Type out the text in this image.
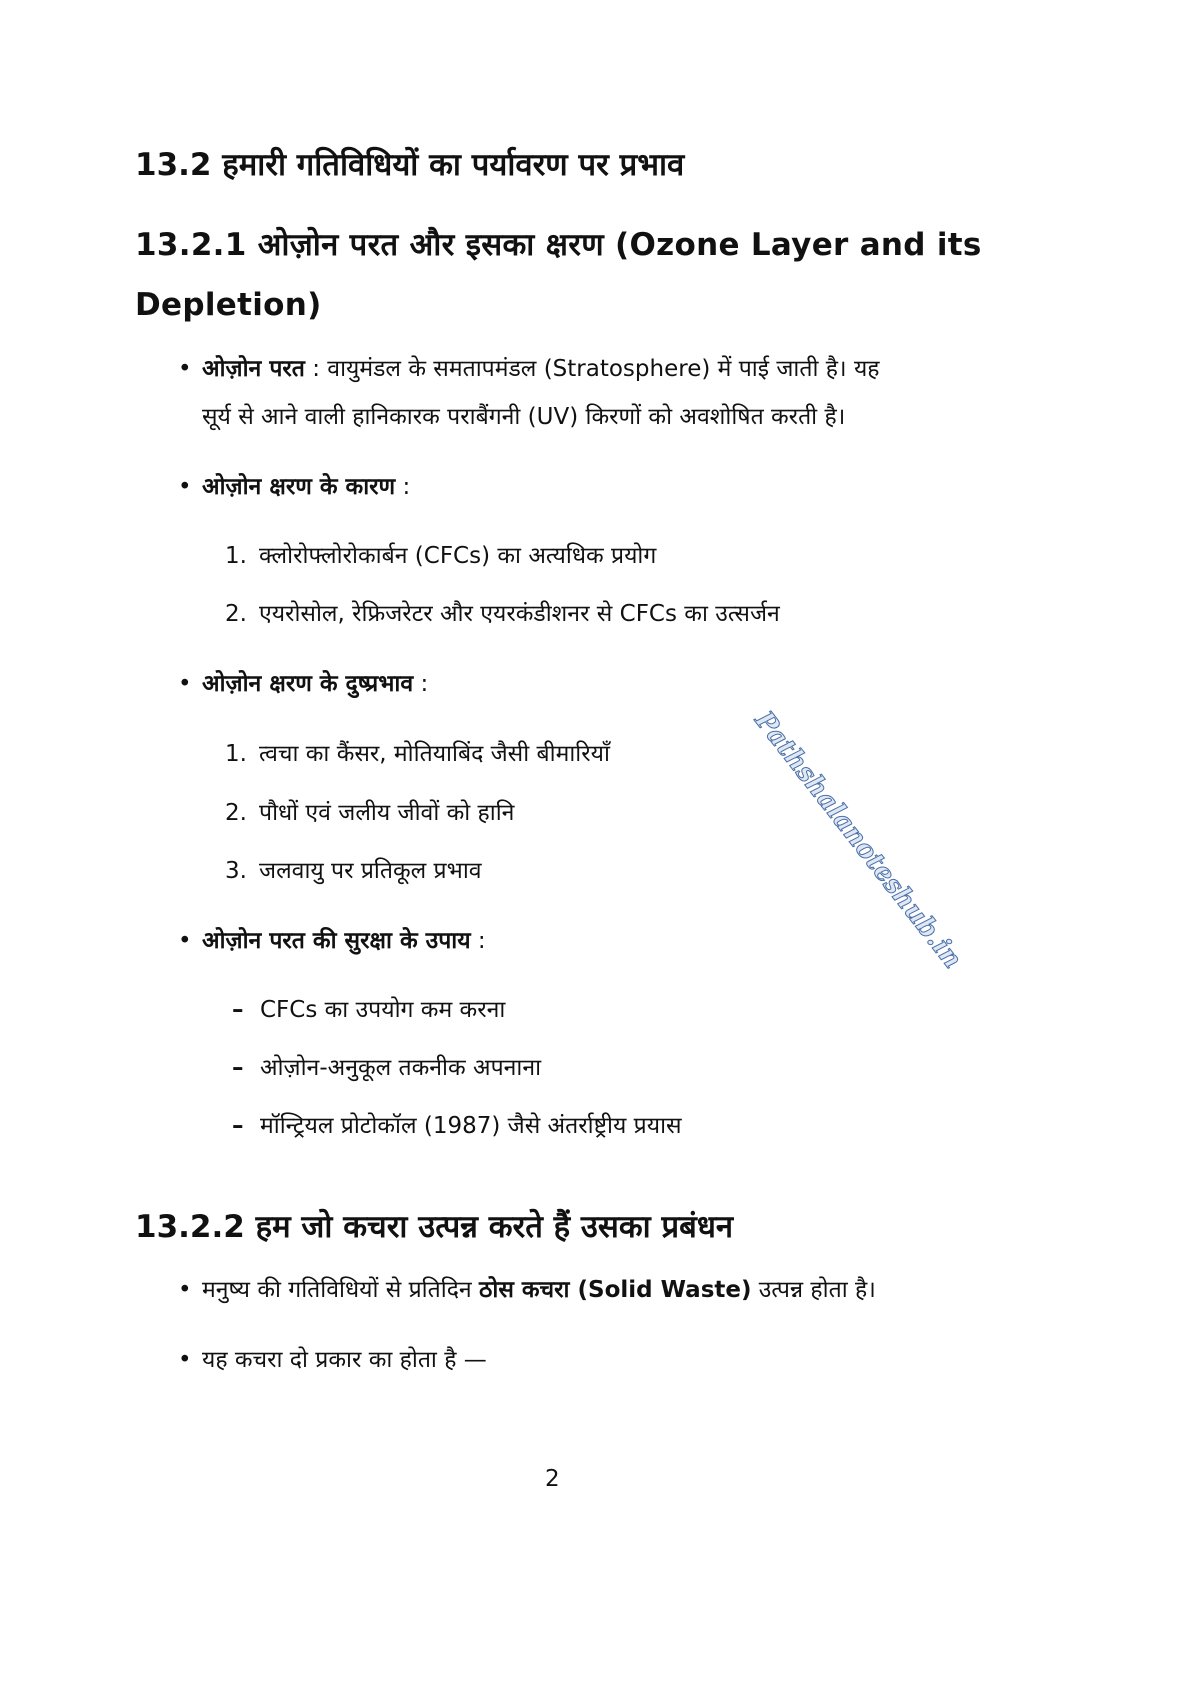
13.2 हमारी गतिविधियों का पर्यावरण पर प्रभाव
13.2.1 ओज़ोन परत और इसका क्षरण (Ozone Layer and its
Depletion)
• ओज़ोन परत : वायुमंडल के समतापमंडल (Stratosphere) में पाई जाती है। यह
सूर्य से आने वाली हानिकारक पराबैंगनी (UV) किरणों को अवशोषित करती है।
• ओज़ोन क्षरण के कारण :
1. क्लोरोफ्लोरोकार्बन (CFCs) का अत्यधिक प्रयोग
2. एयरोसोल, रेफ्रिजरेटर और एयरकंडीशनर से CFCs का उत्सर्जन
• ओज़ोन क्षरण के दुष्प्रभाव :
1. त्वचा का कैंसर, मोतियाबिंद जैसी बीमारियाँ
2. पौधों एवं जलीय जीवों को हानि
3. जलवायु पर प्रतिकूल प्रभाव
• ओज़ोन परत की सुरक्षा के उपाय :
– CFCs का उपयोग कम करना
– ओज़ोन-अनुकूल तकनीक अपनाना
– मॉन्ट्रियल प्रोटोकॉल (1987) जैसे अंतर्राष्ट्रीय प्रयास
13.2.2 हम जो कचरा उत्पन्न करते हैं उसका प्रबंधन
• मनुष्य की गतिविधियों से प्रतिदिन ठोस कचरा (Solid Waste) उत्पन्न होता है।
• यह कचरा दो प्रकार का होता है —
2
Pathshalanoteshub.in
